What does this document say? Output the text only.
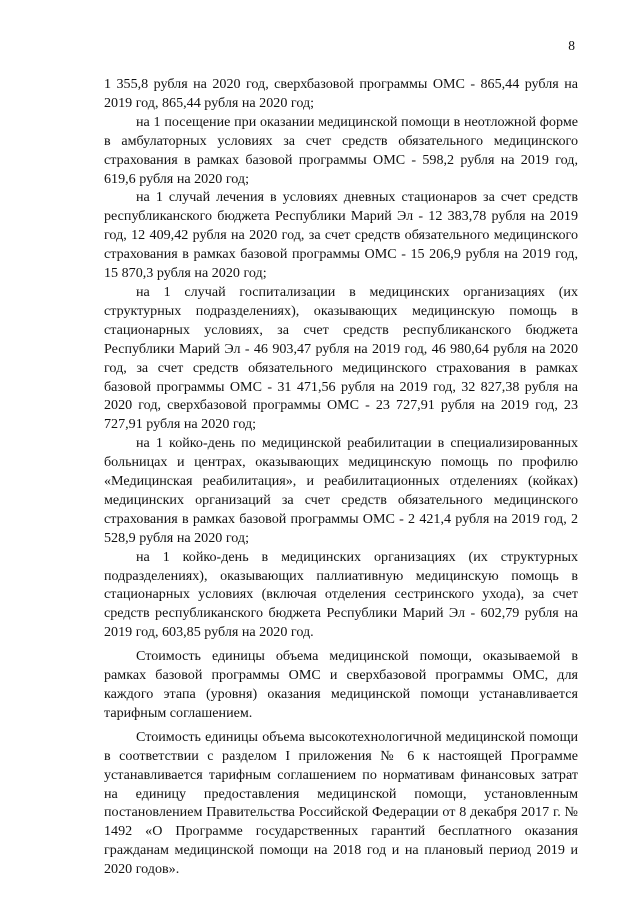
8

1 355,8 рубля на 2020 год, сверхбазовой программы ОМС - 865,44 рубля на 2019 год, 865,44 рубля на 2020 год;

на 1 посещение при оказании медицинской помощи в неотложной форме в амбулаторных условиях за счет средств обязательного медицинского страхования в рамках базовой программы ОМС - 598,2 рубля на 2019 год, 619,6 рубля на 2020 год;

на 1 случай лечения в условиях дневных стационаров за счет средств республиканского бюджета Республики Марий Эл - 12 383,78 рубля на 2019 год, 12 409,42 рубля на 2020 год, за счет средств обязательного медицинского страхования в рамках базовой программы ОМС - 15 206,9 рубля на 2019 год, 15 870,3 рубля на 2020 год;

на 1 случай госпитализации в медицинских организациях (их структурных подразделениях), оказывающих медицинскую помощь в стационарных условиях, за счет средств республиканского бюджета Республики Марий Эл - 46 903,47 рубля на 2019 год, 46 980,64 рубля на 2020 год, за счет средств обязательного медицинского страхования в рамках базовой программы ОМС - 31 471,56 рубля на 2019 год, 32 827,38 рубля на 2020 год, сверхбазовой программы ОМС - 23 727,91 рубля на 2019 год, 23 727,91 рубля на 2020 год;

на 1 койко-день по медицинской реабилитации в специализированных больницах и центрах, оказывающих медицинскую помощь по профилю «Медицинская реабилитация», и реабилитационных отделениях (койках) медицинских организаций за счет средств обязательного медицинского страхования в рамках базовой программы ОМС - 2 421,4 рубля на 2019 год, 2 528,9 рубля на 2020 год;

на 1 койко-день в медицинских организациях (их структурных подразделениях), оказывающих паллиативную медицинскую помощь в стационарных условиях (включая отделения сестринского ухода), за счет средств республиканского бюджета Республики Марий Эл - 602,79 рубля на 2019 год, 603,85 рубля на 2020 год.

Стоимость единицы объема медицинской помощи, оказываемой в рамках базовой программы ОМС и сверхбазовой программы ОМС, для каждого этапа (уровня) оказания медицинской помощи устанавливается тарифным соглашением.

Стоимость единицы объема высокотехнологичной медицинской помощи в соответствии с разделом I приложения № 6 к настоящей Программе устанавливается тарифным соглашением по нормативам финансовых затрат на единицу предоставления медицинской помощи, установленным постановлением Правительства Российской Федерации от 8 декабря 2017 г. № 1492 «О Программе государственных гарантий бесплатного оказания гражданам медицинской помощи на 2018 год и на плановый период 2019 и 2020 годов».
